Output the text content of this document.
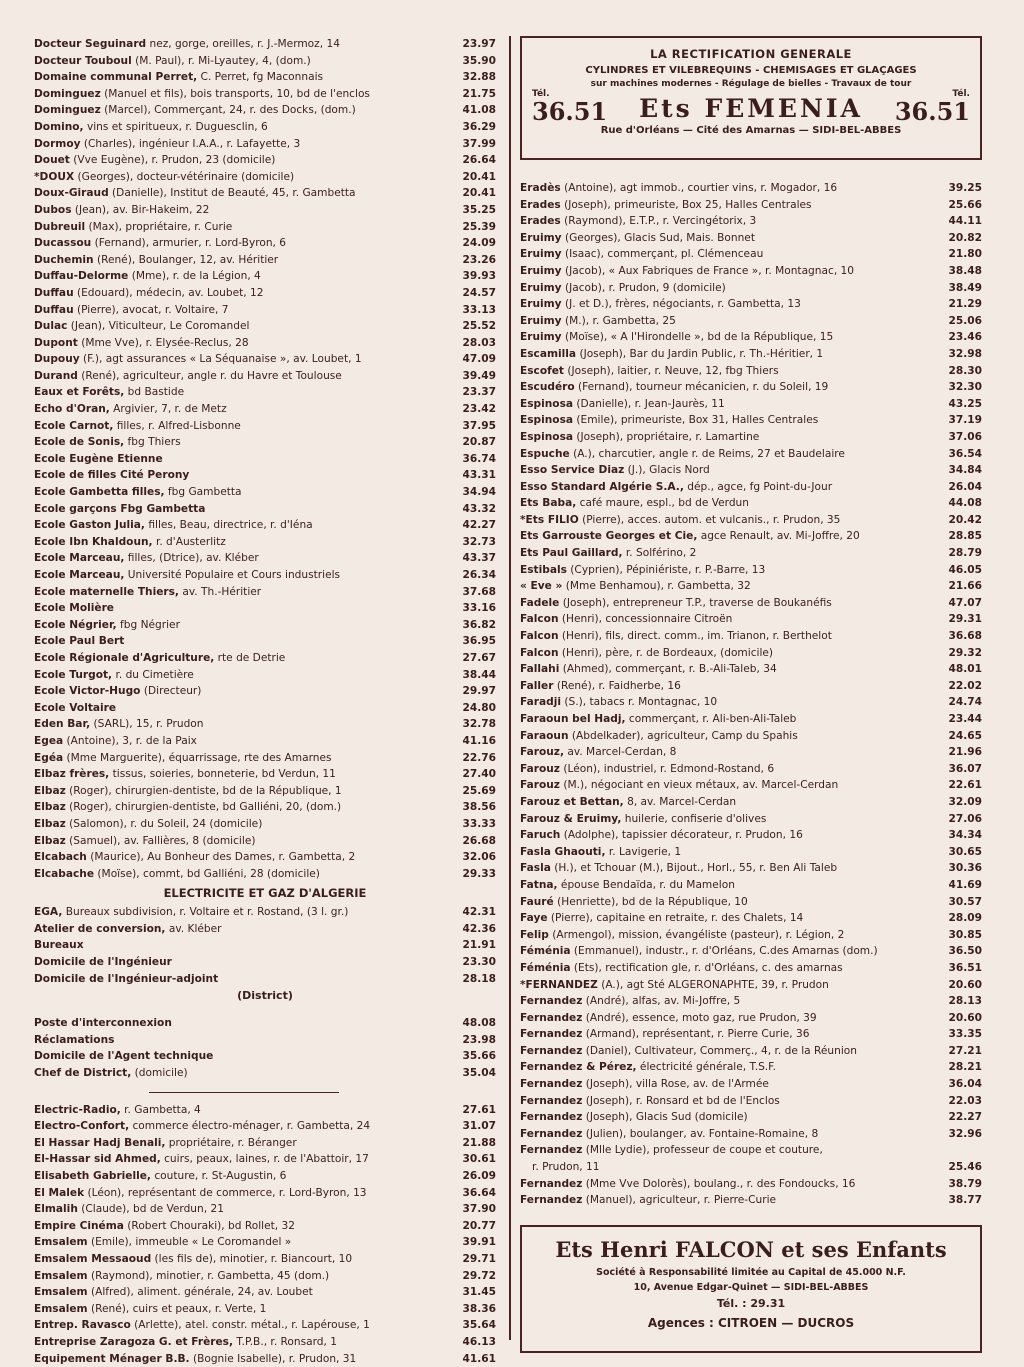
Docteur Seguinard nez, gorge, oreilles, r. J.-Mermoz, 14	23.97
Docteur Touboul (M. Paul), r. Mi-Lyautey, 4, (dom.)	35.90
Domaine communal Perret, C. Perret, fg Maconnais	32.88
Dominguez (Manuel et fils), bois transports, 10, bd de l'enclos	21.75
Dominguez (Marcel), Commerçant, 24, r. des Docks, (dom.)	41.08
Domino, vins et spiritueux, r. Duguesclin, 6	36.29
Dormoy (Charles), ingénieur I.A.A., r. Lafayette, 3	37.99
Douet (Vve Eugène), r. Prudon, 23 (domicile)	26.64
*DOUX (Georges), docteur-vétérinaire (domicile)	20.41
Doux-Giraud (Danielle), Institut de Beauté, 45, r. Gambetta	20.41
Dubos (Jean), av. Bir-Hakeim, 22	35.25
Dubreuil (Max), propriétaire, r. Curie	25.39
Ducassou (Fernand), armurier, r. Lord-Byron, 6	24.09
Duchemin (René), Boulanger, 12, av. Héritier	23.26
Duffau-Delorme (Mme), r. de la Légion, 4	39.93
Duffau (Edouard), médecin, av. Loubet, 12	24.57
Duffau (Pierre), avocat, r. Voltaire, 7	33.13
Dulac (Jean), Viticulteur, Le Coromandel	25.52
Dupont (Mme Vve), r. Elysée-Reclus, 28	28.03
Dupouy (F.), agt assurances « La Séquanaise », av. Loubet, 1	47.09
Durand (René), agriculteur, angle r. du Havre et Toulouse	39.49
Eaux et Forêts, bd Bastide	23.37
Echo d'Oran, Argivier, 7, r. de Metz	23.42
Ecole Carnot, filles, r. Alfred-Lisbonne	37.95
Ecole de Sonis, fbg Thiers	20.87
Ecole Eugène Etienne	36.74
Ecole de filles Cité Perony	43.31
Ecole Gambetta filles, fbg Gambetta	34.94
Ecole garçons Fbg Gambetta	43.32
Ecole Gaston Julia, filles, Beau, directrice, r. d'Iéna	42.27
Ecole Ibn Khaldoun, r. d'Austerlitz	32.73
Ecole Marceau, filles, (Dtrice), av. Kléber	43.37
Ecole Marceau, Université Populaire et Cours industriels	26.34
Ecole maternelle Thiers, av. Th.-Héritier	37.68
Ecole Molière	33.16
Ecole Négrier, fbg Négrier	36.82
Ecole Paul Bert	36.95
Ecole Régionale d'Agriculture, rte de Detrie	27.67
Ecole Turgot, r. du Cimetière	38.44
Ecole Victor-Hugo (Directeur)	29.97
Ecole Voltaire	24.80
Eden Bar, (SARL), 15, r. Prudon	32.78
Egea (Antoine), 3, r. de la Paix	41.16
Egéa (Mme Marguerite), équarrissage, rte des Amarnes	22.76
Elbaz frères, tissus, soieries, bonneterie, bd Verdun, 11	27.40
Elbaz (Roger), chirurgien-dentiste, bd de la République, 1	25.69
Elbaz (Roger), chirurgien-dentiste, bd Galliéni, 20, (dom.)	38.56
Elbaz (Salomon), r. du Soleil, 24 (domicile)	33.33
Elbaz (Samuel), av. Fallières, 8 (domicile)	26.68
Elcabach (Maurice), Au Bonheur des Dames, r. Gambetta, 2	32.06
Elcabache (Moïse), commt, bd Galliéni, 28 (domicile)	29.33
ELECTRICITE ET GAZ D'ALGERIE
EGA, Bureaux subdivision, r. Voltaire et r. Rostand, (3 l. gr.)	42.31
Atelier de conversion, av. Kléber	42.36
Bureaux	21.91
Domicile de l'Ingénieur	23.30
Domicile de l'Ingénieur-adjoint	28.18
(District)
Poste d'interconnexion	48.08
Réclamations	23.98
Domicile de l'Agent technique	35.66
Chef de District, (domicile)	35.04
Electric-Radio, r. Gambetta, 4	27.61
Electro-Confort, commerce électro-ménager, r. Gambetta, 24	31.07
El Hassar Hadj Benali, propriétaire, r. Béranger	21.88
El-Hassar sid Ahmed, cuirs, peaux, laines, r. de l'Abattoir, 17	30.61
Elisabeth Gabrielle, couture, r. St-Augustin, 6	26.09
El Malek (Léon), représentant de commerce, r. Lord-Byron, 13	36.64
Elmalih (Claude), bd de Verdun, 21	37.90
Empire Cinéma (Robert Chouraki), bd Rollet, 32	20.77
Emsalem (Emile), immeuble « Le Coromandel »	39.91
Emsalem Messaoud (les fils de), minotier, r. Biancourt, 10	29.71
Emsalem (Raymond), minotier, r. Gambetta, 45 (dom.)	29.72
Emsalem (Alfred), aliment. générale, 24, av. Loubet	31.45
Emsalem (René), cuirs et peaux, r. Verte, 1	38.36
Entrep. Ravasco (Arlette), atel. constr. métal., r. Lapérouse, 1	35.64
Entreprise Zaragoza G. et Frères, T.P.B., r. Ronsard, 1	46.13
Equipement Ménager B.B. (Bognie Isabelle), r. Prudon, 31	41.61
LA RECTIFICATION GENERALE
CYLINDRES ET VILEBREQUINS - CHEMISAGES ET GLAÇAGES
sur machines modernes - Régulage de bielles - Travaux de tour
Tél.
36.51 Ets FEMENIA	Tél.
36.51
Rue d'Orléans — Cité des Amarnas — SIDI-BEL-ABBES
Eradès (Antoine), agt immob., courtier vins, r. Mogador, 16	39.25
Erades (Joseph), primeuriste, Box 25, Halles Centrales	25.66
Erades (Raymond), E.T.P., r. Vercingétorix, 3	44.11
Eruimy (Georges), Glacis Sud, Mais. Bonnet	20.82
Eruimy (Isaac), commerçant, pl. Clémenceau	21.80
Eruimy (Jacob), « Aux Fabriques de France », r. Montagnac, 10	38.48
Eruimy (Jacob), r. Prudon, 9 (domicile)	38.49
Eruimy (J. et D.), frères, négociants, r. Gambetta, 13	21.29
Eruimy (M.), r. Gambetta, 25	25.06
Eruimy (Moïse), « A l'Hirondelle », bd de la République, 15	23.46
Escamilla (Joseph), Bar du Jardin Public, r. Th.-Héritier, 1	32.98
Escofet (Joseph), laitier, r. Neuve, 12, fbg Thiers	28.30
Escudéro (Fernand), tourneur mécanicien, r. du Soleil, 19	32.30
Espinosa (Danielle), r. Jean-Jaurès, 11	43.25
Espinosa (Emile), primeuriste, Box 31, Halles Centrales	37.19
Espinosa (Joseph), propriétaire, r. Lamartine	37.06
Espuche (A.), charcutier, angle r. de Reims, 27 et Baudelaire	36.54
Esso Service Diaz (J.), Glacis Nord	34.84
Esso Standard Algérie S.A., dép., agce, fg Point-du-Jour	26.04
Ets Baba, café maure, espl., bd de Verdun	44.08
*Ets FILIO (Pierre), acces. autom. et vulcanis., r. Prudon, 35	20.42
Ets Garrouste Georges et Cie, agce Renault, av. Mi-Joffre, 20	28.85
Ets Paul Gaillard, r. Solférino, 2	28.79
Estibals (Cyprien), Pépiniériste, r. P.-Barre, 13	46.05
« Eve » (Mme Benhamou), r. Gambetta, 32	21.66
Fadele (Joseph), entrepreneur T.P., traverse de Boukanéfis	47.07
Falcon (Henri), concessionnaire Citroën	29.31
Falcon (Henri), fils, direct. comm., im. Trianon, r. Berthelot	36.68
Falcon (Henri), père, r. de Bordeaux, (domicile)	29.32
Fallahi (Ahmed), commerçant, r. B.-Ali-Taleb, 34	48.01
Faller (René), r. Faidherbe, 16	22.02
Faradji (S.), tabacs r. Montagnac, 10	24.74
Faraoun bel Hadj, commerçant, r. Ali-ben-Ali-Taleb	23.44
Faraoun (Abdelkader), agriculteur, Camp du Spahis	24.65
Farouz, av. Marcel-Cerdan, 8	21.96
Farouz (Léon), industriel, r. Edmond-Rostand, 6	36.07
Farouz (M.), négociant en vieux métaux, av. Marcel-Cerdan	22.61
Farouz et Bettan, 8, av. Marcel-Cerdan	32.09
Farouz & Eruimy, huilerie, confiserie d'olives	27.06
Faruch (Adolphe), tapissier décorateur, r. Prudon, 16	34.34
Fasla Ghaouti, r. Lavigerie, 1	30.65
Fasla (H.), et Tchouar (M.), Bijout., Horl., 55, r. Ben Ali Taleb	30.36
Fatna, épouse Bendaïda, r. du Mamelon	41.69
Fauré (Henriette), bd de la République, 10	30.57
Faye (Pierre), capitaine en retraite, r. des Chalets, 14	28.09
Felip (Armengol), mission, évangéliste (pasteur), r. Légion, 2	30.85
Féménia (Emmanuel), industr., r. d'Orléans, C.des Amarnas (dom.)	36.50
Féménia (Ets), rectification gle, r. d'Orléans, c. des amarnas	36.51
*FERNANDEZ (A.), agt Sté ALGERONAPHTE, 39, r. Prudon	20.60
Fernandez (André), alfas, av. Mi-Joffre, 5	28.13
Fernandez (André), essence, moto gaz, rue Prudon, 39	20.60
Fernandez (Armand), représentant, r. Pierre Curie, 36	33.35
Fernandez (Daniel), Cultivateur, Commerç., 4, r. de la Réunion	27.21
Fernandez & Pérez, électricité générale, T.S.F.	28.21
Fernandez (Joseph), villa Rose, av. de l'Armée	36.04
Fernandez (Joseph), r. Ronsard et bd de l'Enclos	22.03
Fernandez (Joseph), Glacis Sud (domicile)	22.27
Fernandez (Julien), boulanger, av. Fontaine-Romaine, 8	32.96
Fernandez (Mlle Lydie), professeur de coupe et couture,
r. Prudon, 11	25.46
Fernandez (Mme Vve Dolorès), boulang., r. des Fondoucks, 16	38.79
Fernandez (Manuel), agriculteur, r. Pierre-Curie	38.77
Ets Henri FALCON et ses Enfants
Société à Responsabilité limitée au Capital de 45.000 N.F.
10, Avenue Edgar-Quinet — SIDI-BEL-ABBES
Tél. : 29.31
Agences : CITROEN — DUCROS
